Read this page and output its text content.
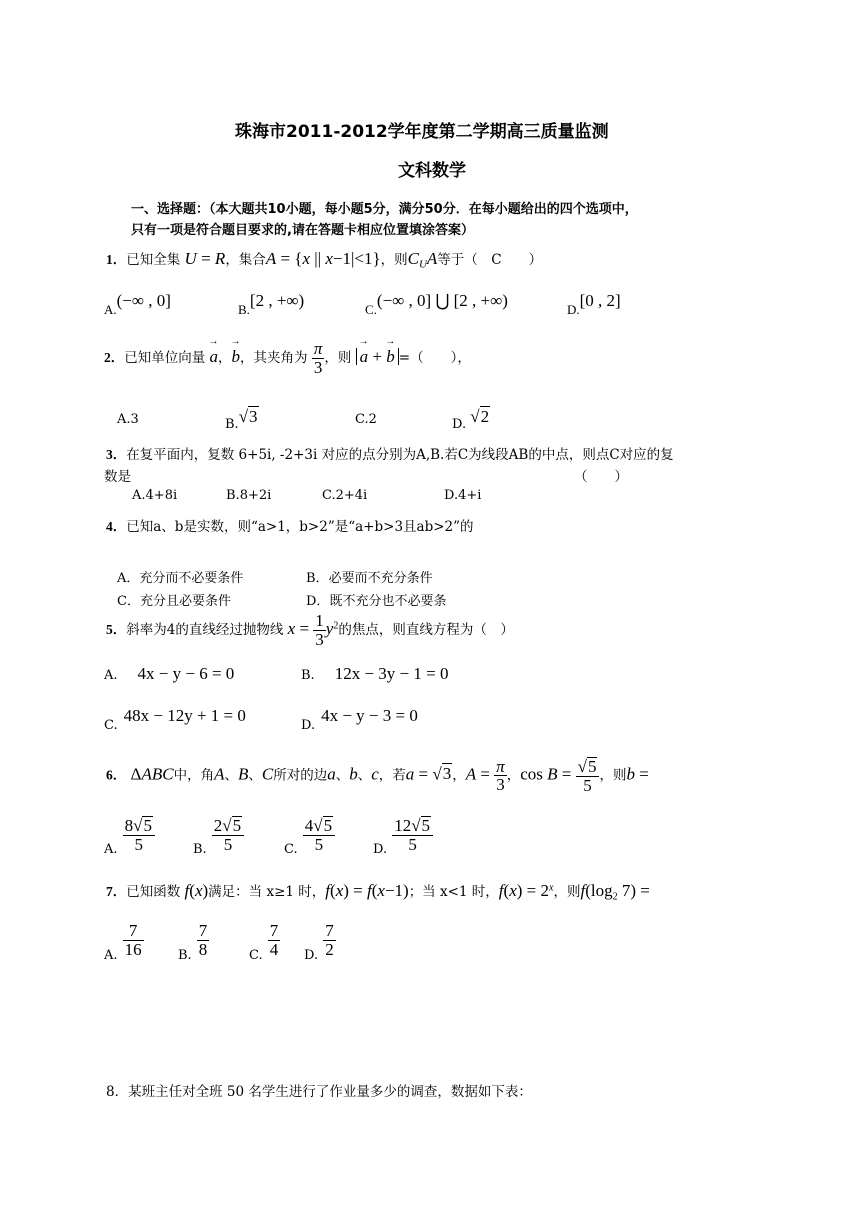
珠海市2011-2012学年度第二学期高三质量监测
文科数学
一、选择题：（本大题共10小题，每小题5分，满分50分．在每小题给出的四个选项中，
只有一项是符合题目要求的,请在答题卡相应位置填涂答案）
1．已知全集 U = R，集合A = {x || x−1|<1}，则$C_UA$等于（　C　　）
$_{A.}$(−∞ , 0]	$_{B.}$[2 , +∞)	$_{C.}$(−∞ , 0] ⋃ [2 , +∞)	$_{D.}$[0 , 2]
2．已知单位向量 → a，→ b，其夹角为 $\frac{\pi}{3}$ ，则 → a + → b =（　　），
A.3	B.√3	C.2	D. √2
3．在复平面内，复数 6+5i, -2+3i 对应的点分别为A,B.若C为线段AB的中点，则点C对应的复
数是	（　　）
A.4+8i	B.8+2i	C.2+4i	D.4+i
4．已知a、b是实数，则“a>1，b>2”是“a+b>3且ab>2”的
A．充分而不必要条件	B．必要而不充分条件
C．充分且必要条件	D．既不充分也不必要条
5．斜率为4的直线经过抛物线 $x = \frac{1}{3} y^2$的焦点，则直线方程为（　）
A. 4x − y − 6 = 0	B. 12x − 3y − 1 = 0
$_{C.}$48x − 12y + 1 = 0
$_{D.}$4x − y − 3 = 0
6． ΔABC中，角A、B、C所对的边a、b、c，若a = √3，$A = \frac{\pi}{3}$ ，$\cos B = \frac{√5}{5}$ ，则b =
$_{A.} \frac{8√5}{5}$	$_{B.} \frac{2√5}{5}$	$_{C.} \frac{4√5}{5}$	$_{D.} \frac{12√5}{5}$
7．已知函数 f(x)满足：当 x≥1 时，f(x) = f(x−1)；当 x<1 时，$f(x) = 2^x$，则$f(\log_2$ 7) =
$_{A.} \frac{7}{16}$	$_{B.} \frac{7}{8}$	$_{C.} \frac{7}{4} _{D.} \frac{7}{2}$
8．某班主任对全班 50 名学生进行了作业量多少的调查，数据如下表：
